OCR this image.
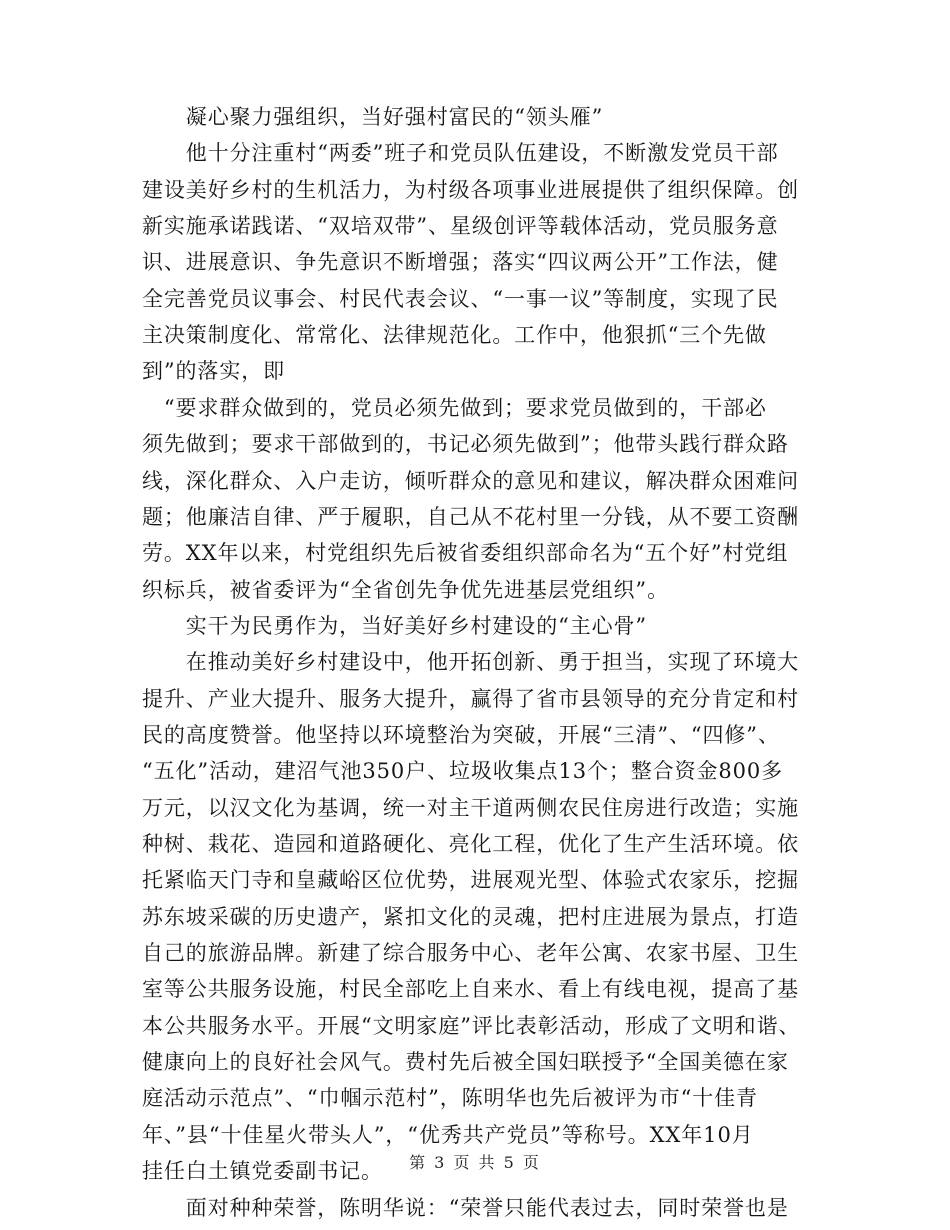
　　凝心聚力强组织，当好强村富民的“领头雁”
　　他十分注重村“两委”班子和党员队伍建设，不断激发党员干部
建设美好乡村的生机活力，为村级各项事业进展提供了组织保障。创
新实施承诺践诺、“双培双带”、星级创评等载体活动，党员服务意
识、进展意识、争先意识不断增强；落实“四议两公开”工作法，健
全完善党员议事会、村民代表会议、“一事一议”等制度，实现了民
主决策制度化、常常化、法律规范化。工作中，他狠抓“三个先做
到”的落实，即
　“要求群众做到的，党员必须先做到；要求党员做到的，干部必
须先做到；要求干部做到的，书记必须先做到”；他带头践行群众路
线，深化群众、入户走访，倾听群众的意见和建议，解决群众困难问
题；他廉洁自律、严于履职，自己从不花村里一分钱，从不要工资酬
劳。XX年以来，村党组织先后被省委组织部命名为“五个好”村党组
织标兵，被省委评为“全省创先争优先进基层党组织”。
　　实干为民勇作为，当好美好乡村建设的“主心骨”
　　在推动美好乡村建设中，他开拓创新、勇于担当，实现了环境大
提升、产业大提升、服务大提升，赢得了省市县领导的充分肯定和村
民的高度赞誉。他坚持以环境整治为突破，开展“三清”、“四修”、
“五化”活动，建沼气池350户、垃圾收集点13个；整合资金800多
万元，以汉文化为基调，统一对主干道两侧农民住房进行改造；实施
种树、栽花、造园和道路硬化、亮化工程，优化了生产生活环境。依
托紧临天门寺和皇藏峪区位优势，进展观光型、体验式农家乐，挖掘
苏东坡采碳的历史遗产，紧扣文化的灵魂，把村庄进展为景点，打造
自己的旅游品牌。新建了综合服务中心、老年公寓、农家书屋、卫生
室等公共服务设施，村民全部吃上自来水、看上有线电视，提高了基
本公共服务水平。开展“文明家庭”评比表彰活动，形成了文明和谐、
健康向上的良好社会风气。费村先后被全国妇联授予“全国美德在家
庭活动示范点”、“巾帼示范村”，陈明华也先后被评为市“十佳青
年、”县“十佳星火带头人”，“优秀共产党员”等称号。XX年10月
挂任白土镇党委副书记。
　　面对种种荣誉，陈明华说：“荣誉只能代表过去，同时荣誉也是
第 3 页 共 5 页
